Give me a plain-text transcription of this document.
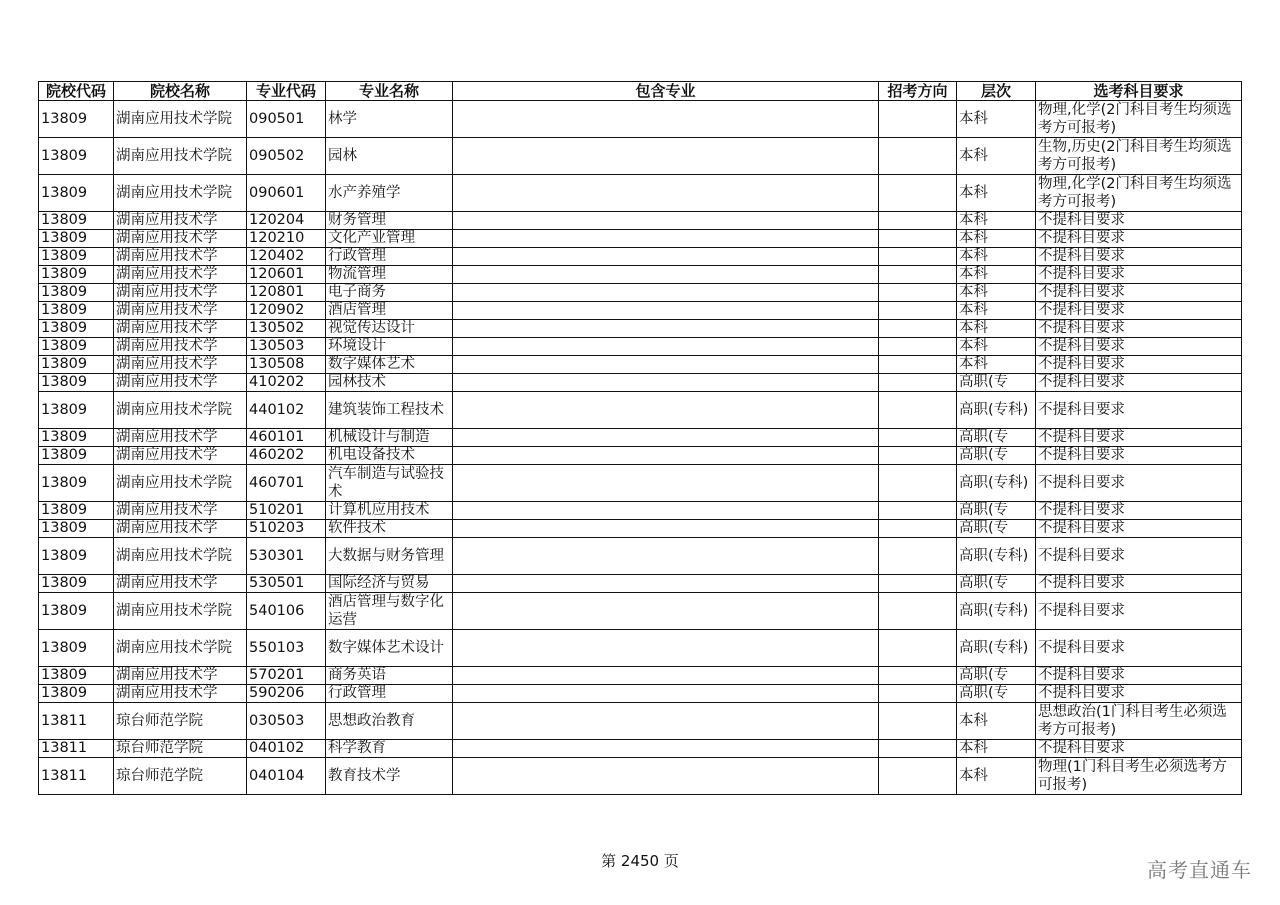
院校代码	院校名称	专业代码	专业名称	包含专业	招考方向	层次	选考科目要求
13809	湖南应用技术学院	090501	林学			本科	物理,化学(2门科目考生均须选考方可报考)
13809	湖南应用技术学院	090502	园林			本科	生物,历史(2门科目考生均须选考方可报考)
13809	湖南应用技术学院	090601	水产养殖学			本科	物理,化学(2门科目考生均须选考方可报考)
13809	湖南应用技术学	120204	财务管理			本科	不提科目要求
13809	湖南应用技术学	120210	文化产业管理			本科	不提科目要求
13809	湖南应用技术学	120402	行政管理			本科	不提科目要求
13809	湖南应用技术学	120601	物流管理			本科	不提科目要求
13809	湖南应用技术学	120801	电子商务			本科	不提科目要求
13809	湖南应用技术学	120902	酒店管理			本科	不提科目要求
13809	湖南应用技术学	130502	视觉传达设计			本科	不提科目要求
13809	湖南应用技术学	130503	环境设计			本科	不提科目要求
13809	湖南应用技术学	130508	数字媒体艺术			本科	不提科目要求
13809	湖南应用技术学	410202	园林技术			高职(专	不提科目要求
13809	湖南应用技术学院	440102	建筑装饰工程技术			高职(专科)	不提科目要求
13809	湖南应用技术学	460101	机械设计与制造			高职(专	不提科目要求
13809	湖南应用技术学	460202	机电设备技术			高职(专	不提科目要求
13809	湖南应用技术学院	460701	汽车制造与试验技术			高职(专科)	不提科目要求
13809	湖南应用技术学	510201	计算机应用技术			高职(专	不提科目要求
13809	湖南应用技术学	510203	软件技术			高职(专	不提科目要求
13809	湖南应用技术学院	530301	大数据与财务管理			高职(专科)	不提科目要求
13809	湖南应用技术学	530501	国际经济与贸易			高职(专	不提科目要求
13809	湖南应用技术学院	540106	酒店管理与数字化运营			高职(专科)	不提科目要求
13809	湖南应用技术学院	550103	数字媒体艺术设计			高职(专科)	不提科目要求
13809	湖南应用技术学	570201	商务英语			高职(专	不提科目要求
13809	湖南应用技术学	590206	行政管理			高职(专	不提科目要求
13811	琼台师范学院	030503	思想政治教育			本科	思想政治(1门科目考生必须选考方可报考)
13811	琼台师范学院	040102	科学教育			本科	不提科目要求
13811	琼台师范学院	040104	教育技术学			本科	物理(1门科目考生必须选考方可报考)
第 2450 页	高考直通车
